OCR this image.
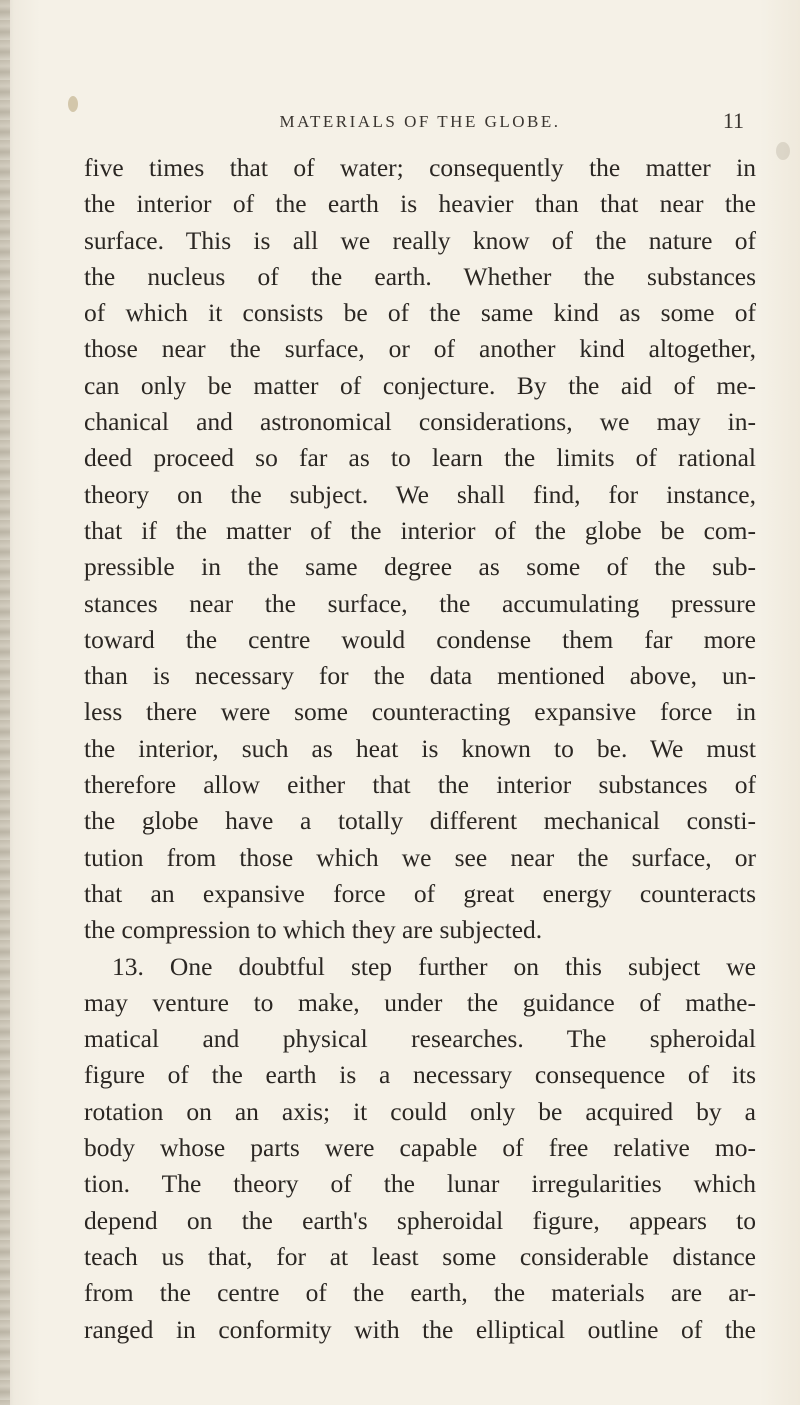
MATERIALS OF THE GLOBE.	11
five times that of water; consequently the matter in
the interior of the earth is heavier than that near the
surface. This is all we really know of the nature of
the nucleus of the earth. Whether the substances
of which it consists be of the same kind as some of
those near the surface, or of another kind altogether,
can only be matter of conjecture. By the aid of me-
chanical and astronomical considerations, we may in-
deed proceed so far as to learn the limits of rational
theory on the subject. We shall find, for instance,
that if the matter of the interior of the globe be com-
pressible in the same degree as some of the sub-
stances near the surface, the accumulating pressure
toward the centre would condense them far more
than is necessary for the data mentioned above, un-
less there were some counteracting expansive force in
the interior, such as heat is known to be. We must
therefore allow either that the interior substances of
the globe have a totally different mechanical consti-
tution from those which we see near the surface, or
that an expansive force of great energy counteracts
the compression to which they are subjected.
13. One doubtful step further on this subject we
may venture to make, under the guidance of mathe-
matical and physical researches. The spheroidal
figure of the earth is a necessary consequence of its
rotation on an axis; it could only be acquired by a
body whose parts were capable of free relative mo-
tion. The theory of the lunar irregularities which
depend on the earth's spheroidal figure, appears to
teach us that, for at least some considerable distance
from the centre of the earth, the materials are ar-
ranged in conformity with the elliptical outline of the
